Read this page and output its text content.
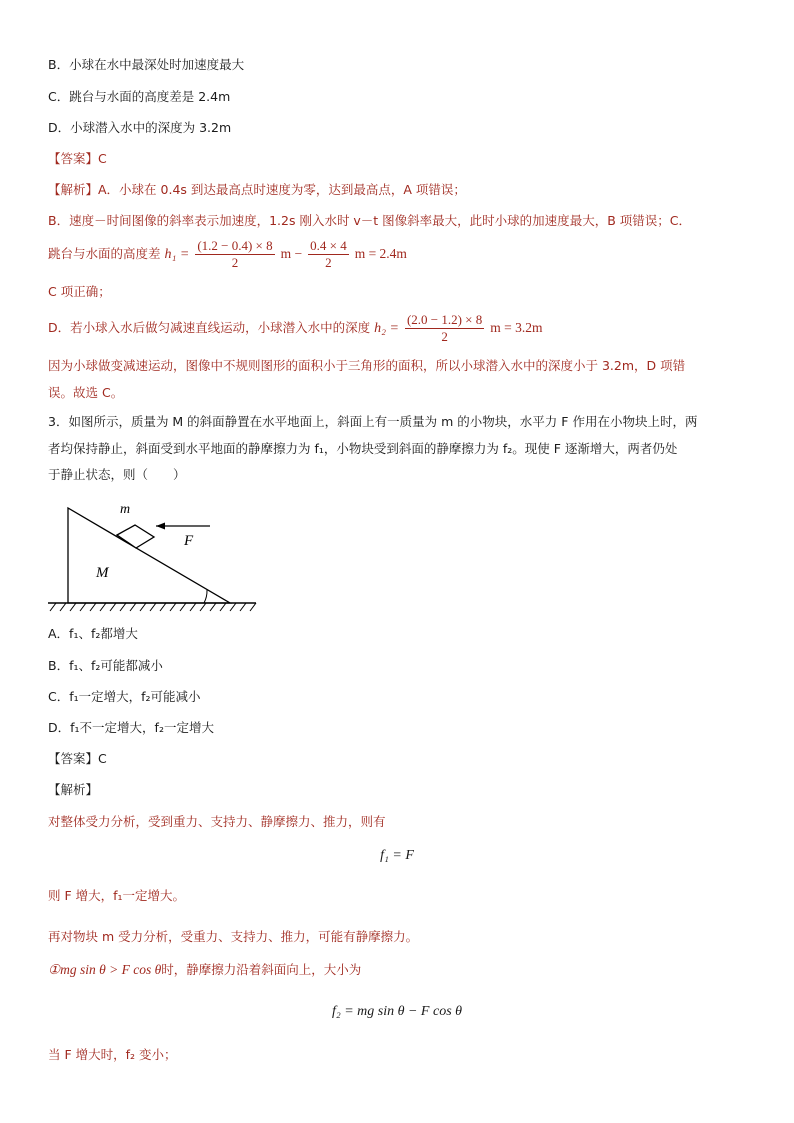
B．小球在水中最深处时加速度最大
C．跳台与水面的高度差是 2.4m
D．小球潜入水中的深度为 3.2m
【答案】C
【解析】A．小球在 0.4s 到达最高点时速度为零，达到最高点，A 项错误；
B．速度－时间图像的斜率表示加速度，1.2s 刚入水时 v－t 图像斜率最大，此时小球的加速度最大，B 项错误；C．
跳台与水面的高度差 $h_1 = \frac{(1.2 - 0.4) \times 8}{2}$ $m - \frac{0.4 \times 4}{2}$ m = 2.4m
C 项正确；
D．若小球入水后做匀减速直线运动，小球潜入水中的深度 $h_2 = \frac{(2.0 - 1.2) \times 8}{2}$ m = 3.2m
因为小球做变减速运动，图像中不规则图形的面积小于三角形的面积，所以小球潜入水中的深度小于 3.2m，D 项错
误。故选 C。
3．如图所示，质量为 M 的斜面静置在水平地面上，斜面上有一质量为 m 的小物块，水平力 F 作用在小物块上时，两
者均保持静止，斜面受到水平地面的静摩擦力为 f₁，小物块受到斜面的静摩擦力为 f₂。现使 F 逐渐增大，两者仍处
于静止状态，则（　　）
m
F
M
A．f₁、f₂都增大
B．f₁、f₂可能都减小
C．f₁一定增大，f₂可能减小
D．f₁不一定增大，f₂一定增大
【答案】C
【解析】
对整体受力分析，受到重力、支持力、静摩擦力、推力，则有
f₁ = F
则 F 增大，f₁一定增大。
再对物块 m 受力分析，受重力、支持力、推力，可能有静摩擦力。
①mg sin θ > F cos θ时，静摩擦力沿着斜面向上，大小为
f₂ = mg sin θ − F cos θ
当 F 增大时，f₂ 变小；
